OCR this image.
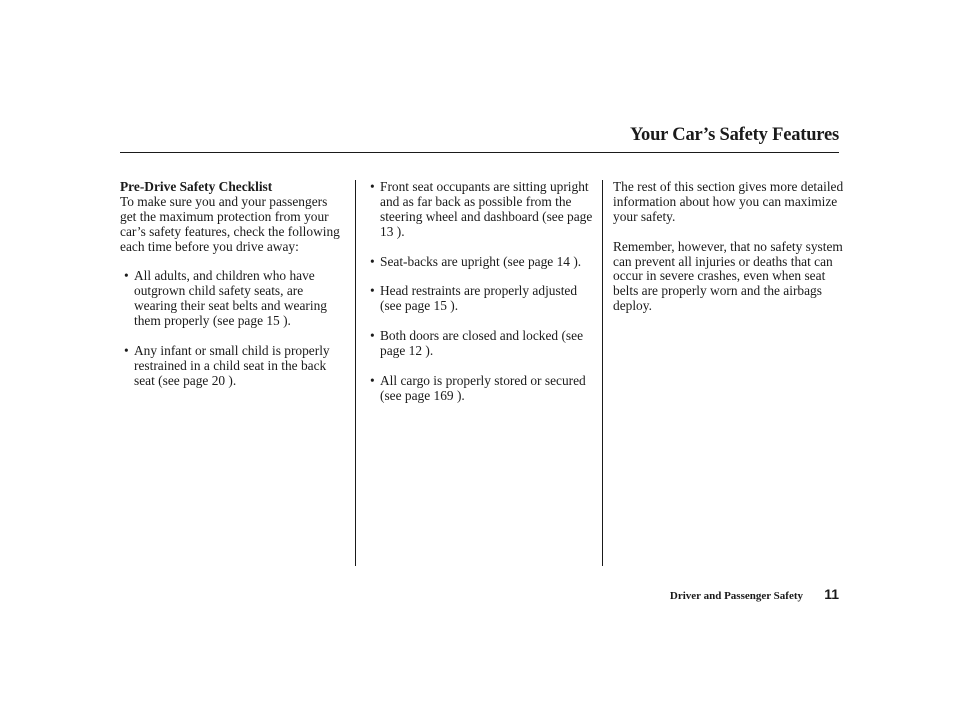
Your Car’s Safety Features
Pre-Drive Safety Checklist

To make sure you and your passengers get the maximum protection from your car’s safety features, check the following each time before you drive away:

• All adults, and children who have outgrown child safety seats, are wearing their seat belts and wearing them properly (see page 15 ).
• Any infant or small child is properly restrained in a child seat in the back seat (see page 20 ).
• Front seat occupants are sitting upright and as far back as possible from the steering wheel and dashboard (see page 13 ).
• Seat-backs are upright (see page 14 ).
• Head restraints are properly adjusted (see page 15 ).
• Both doors are closed and locked (see page 12 ).
• All cargo is properly stored or secured (see page 169 ).

The rest of this section gives more detailed information about how you can maximize your safety.

Remember, however, that no safety system can prevent all injuries or deaths that can occur in severe crashes, even when seat belts are properly worn and the airbags deploy.

Driver and Passenger Safety 11
